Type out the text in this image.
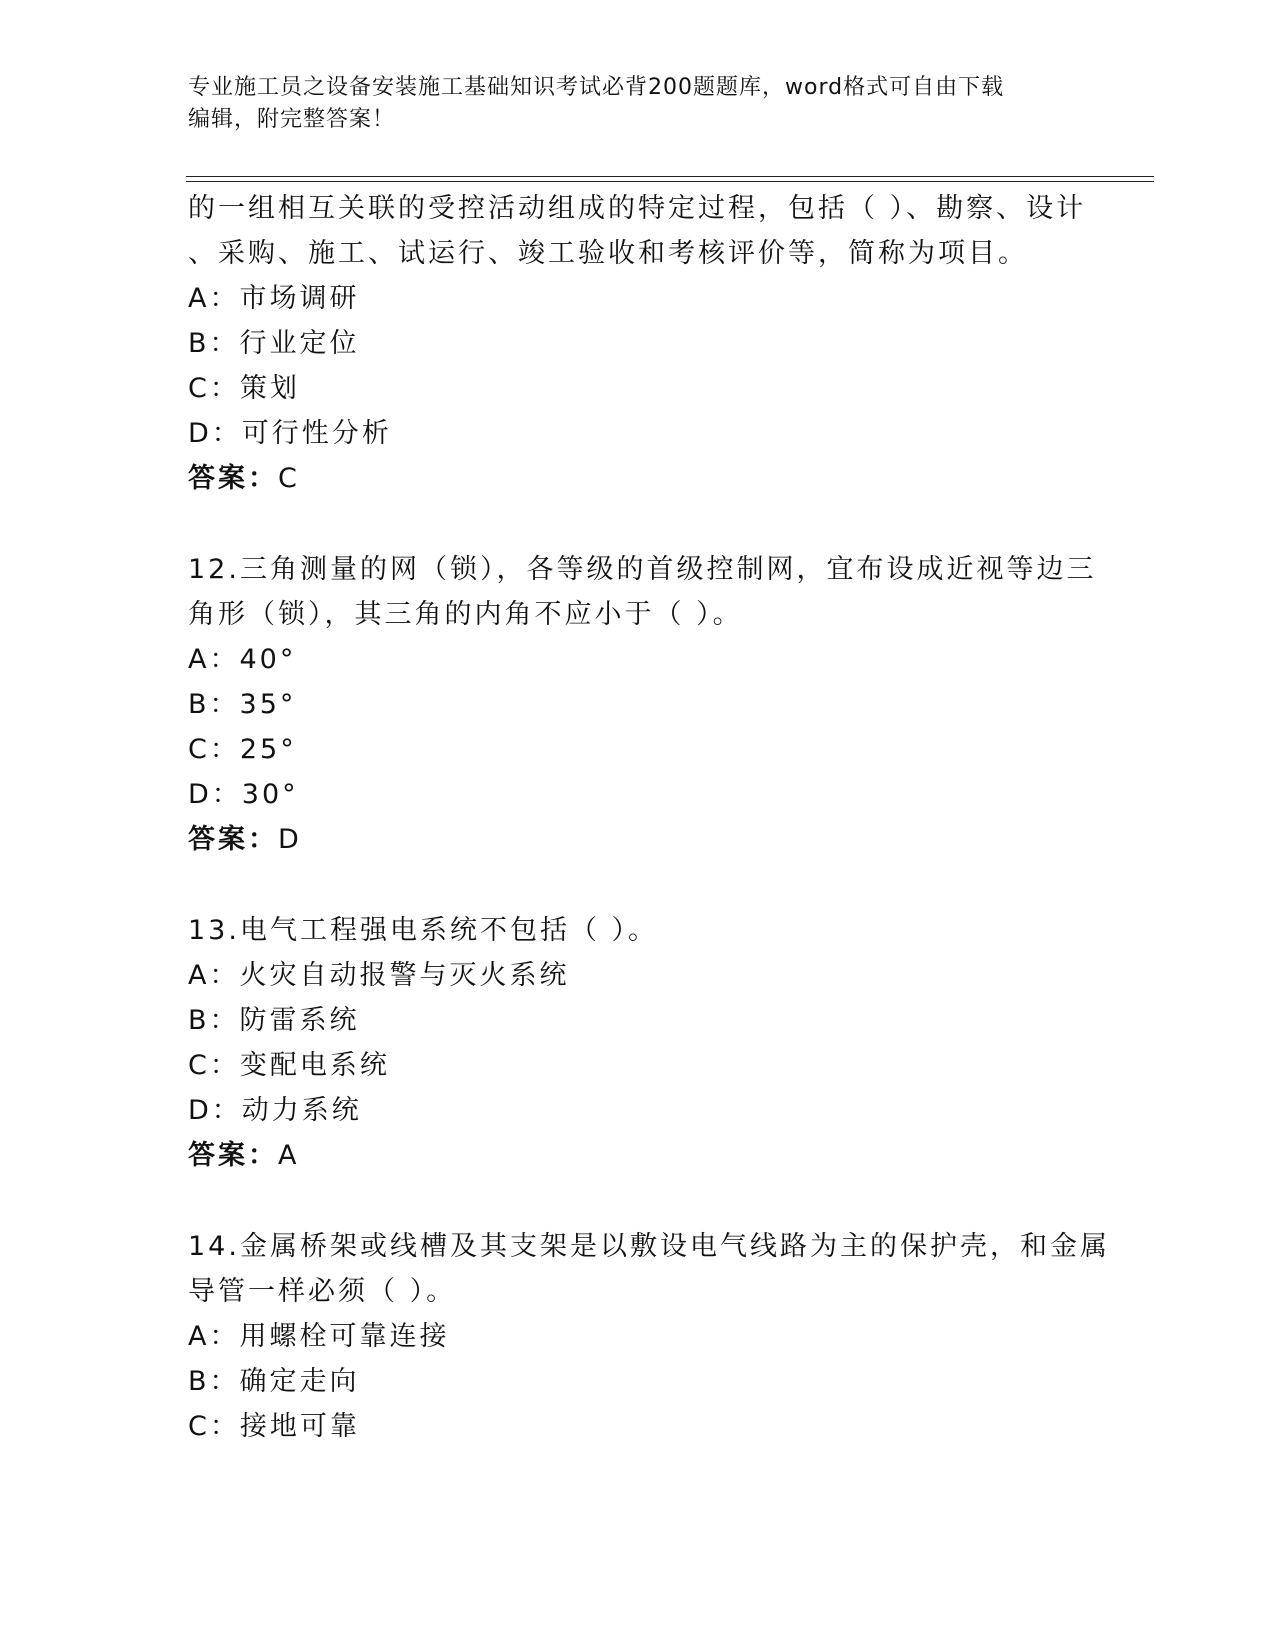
专业施工员之设备安装施工基础知识考试必背200题题库，word格式可自由下载
编辑，附完整答案！
的一组相互关联的受控活动组成的特定过程，包括（ ）、勘察、设计
、采购、施工、试运行、竣工验收和考核评价等，简称为项目。
A：市场调研
B：行业定位
C：策划
D：可行性分析
答案：C
12.三角测量的网（锁），各等级的首级控制网，宜布设成近视等边三
角形（锁），其三角的内角不应小于（ ）。
A：40°
B：35°
C：25°
D：30°
答案：D
13.电气工程强电系统不包括（ ）。
A：火灾自动报警与灭火系统
B：防雷系统
C：变配电系统
D：动力系统
答案：A
14.金属桥架或线槽及其支架是以敷设电气线路为主的保护壳，和金属
导管一样必须（ ）。
A：用螺栓可靠连接
B：确定走向
C：接地可靠
